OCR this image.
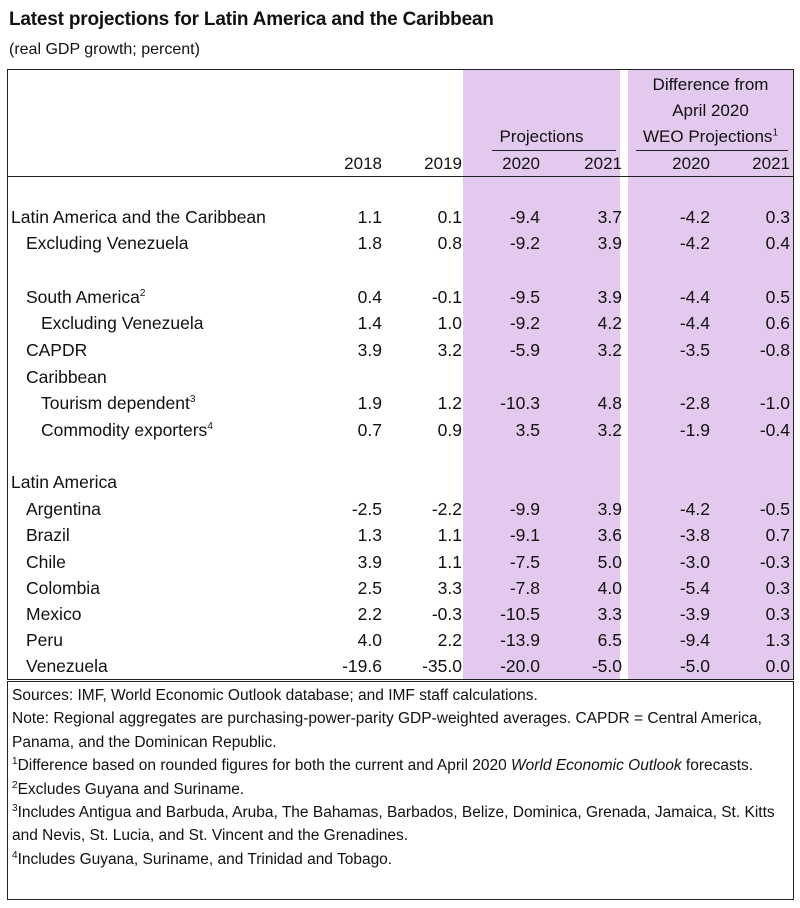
Latest projections for Latin America and the Caribbean
(real GDP growth; percent)
Difference from
April 2020
WEO Projections$^1$
Projections
2018	2019	2020	2021	2020	2021
Latin America and the Caribbean	1.1	0.1	-9.4	3.7	-4.2	0.3
Excluding Venezuela	1.8	0.8	-9.2	3.9	-4.2	0.4
South America$^2$	0.4	-0.1	-9.5	3.9	-4.4	0.5
Excluding Venezuela	1.4	1.0	-9.2	4.2	-4.4	0.6
CAPDR	3.9	3.2	-5.9	3.2	-3.5	-0.8
Caribbean
Tourism dependent$^3$	1.9	1.2	-10.3	4.8	-2.8	-1.0
Commodity exporters$^4$	0.7	0.9	3.5	3.2	-1.9	-0.4
Latin America
Argentina	-2.5	-2.2	-9.9	3.9	-4.2	-0.5
Brazil	1.3	1.1	-9.1	3.6	-3.8	0.7
Chile	3.9	1.1	-7.5	5.0	-3.0	-0.3
Colombia	2.5	3.3	-7.8	4.0	-5.4	0.3
Mexico	2.2	-0.3	-10.5	3.3	-3.9	0.3
Peru	4.0	2.2	-13.9	6.5	-9.4	1.3
Venezuela	-19.6	-35.0	-20.0	-5.0	-5.0	0.0

Sources: IMF, World Economic Outlook database; and IMF staff calculations.

Note: Regional aggregates are purchasing-power-parity GDP-weighted averages. CAPDR = Central America, Panama, and the Dominican Republic.

$^1$Difference based on rounded figures for both the current and April 2020 World Economic Outlook forecasts.

$^2$Excludes Guyana and Suriname.

$^3$Includes Antigua and Barbuda, Aruba, The Bahamas, Barbados, Belize, Dominica, Grenada, Jamaica, St. Kitts and Nevis, St. Lucia, and St. Vincent and the Grenadines.

$^4$Includes Guyana, Suriname, and Trinidad and Tobago.
